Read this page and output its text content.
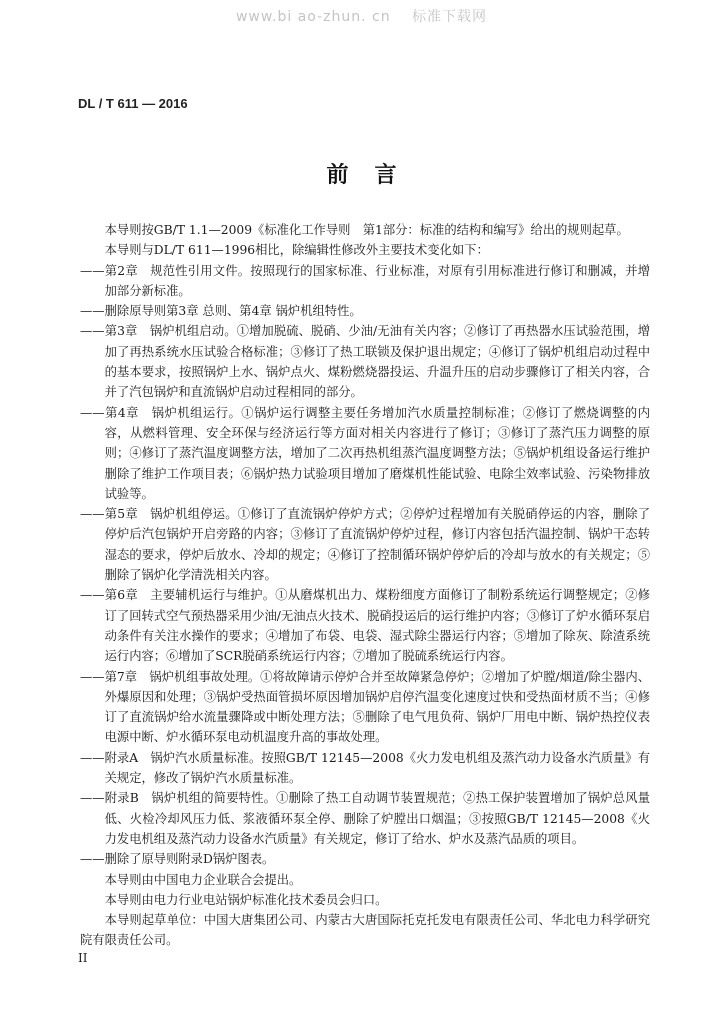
www.bi ao-zhun. cn 标准下载网
DL / T 611 — 2016
前言

本导则按GB/T 1.1—2009《标准化工作导则　第1部分：标准的结构和编写》给出的规则起草。

本导则与DL/T 611—1996相比，除编辑性修改外主要技术变化如下：

——第2章　规范性引用文件。按照现行的国家标准、行业标准，对原有引用标准进行修订和删减，并增加部分新标准。

——删除原导则第3章 总则、第4章 锅炉机组特性。

——第3章　锅炉机组启动。①增加脱硫、脱硝、少油/无油有关内容；②修订了再热器水压试验范围，增加了再热系统水压试验合格标准；③修订了热工联锁及保护退出规定；④修订了锅炉机组启动过程中的基本要求，按照锅炉上水、锅炉点火、煤粉燃烧器投运、升温升压的启动步骤修订了相关内容，合并了汽包锅炉和直流锅炉启动过程相同的部分。

——第4章　锅炉机组运行。①锅炉运行调整主要任务增加汽水质量控制标准；②修订了燃烧调整的内容，从燃料管理、安全环保与经济运行等方面对相关内容进行了修订；③修订了蒸汽压力调整的原则；④修订了蒸汽温度调整方法，增加了二次再热机组蒸汽温度调整方法；⑤锅炉机组设备运行维护删除了维护工作项目表；⑥锅炉热力试验项目增加了磨煤机性能试验、电除尘效率试验、污染物排放试验等。

——第5章　锅炉机组停运。①修订了直流锅炉停炉方式；②停炉过程增加有关脱硝停运的内容，删除了停炉后汽包锅炉开启旁路的内容；③修订了直流锅炉停炉过程，修订内容包括汽温控制、锅炉干态转湿态的要求，停炉后放水、冷却的规定；④修订了控制循环锅炉停炉后的冷却与放水的有关规定；⑤删除了锅炉化学清洗相关内容。

——第6章　主要辅机运行与维护。①从磨煤机出力、煤粉细度方面修订了制粉系统运行调整规定；②修订了回转式空气预热器采用少油/无油点火技术、脱硝投运后的运行维护内容；③修订了炉水循环泵启动条件有关注水操作的要求；④增加了布袋、电袋、湿式除尘器运行内容；⑤增加了除灰、除渣系统运行内容；⑥增加了SCR脱硝系统运行内容；⑦增加了脱硫系统运行内容。

——第7章　锅炉机组事故处理。①将故障请示停炉合并至故障紧急停炉；②增加了炉膛/烟道/除尘器内、外爆原因和处理；③锅炉受热面管损坏原因增加锅炉启停汽温变化速度过快和受热面材质不当；④修订了直流锅炉给水流量骤降或中断处理方法；⑤删除了电气甩负荷、锅炉厂用电中断、锅炉热控仪表电源中断、炉水循环泵电动机温度升高的事故处理。

——附录A　锅炉汽水质量标准。按照GB/T 12145—2008《火力发电机组及蒸汽动力设备水汽质量》有关规定，修改了锅炉汽水质量标准。

——附录B　锅炉机组的简要特性。①删除了热工自动调节装置规范；②热工保护装置增加了锅炉总风量低、火检冷却风压力低、浆液循环泵全停、删除了炉膛出口烟温；③按照GB/T 12145—2008《火力发电机组及蒸汽动力设备水汽质量》有关规定，修订了给水、炉水及蒸汽品质的项目。

——删除了原导则附录D锅炉图表。

本导则由中国电力企业联合会提出。

本导则由电力行业电站锅炉标准化技术委员会归口。

本导则起草单位：中国大唐集团公司、内蒙古大唐国际托克托发电有限责任公司、华北电力科学研究院有限责任公司。

II
